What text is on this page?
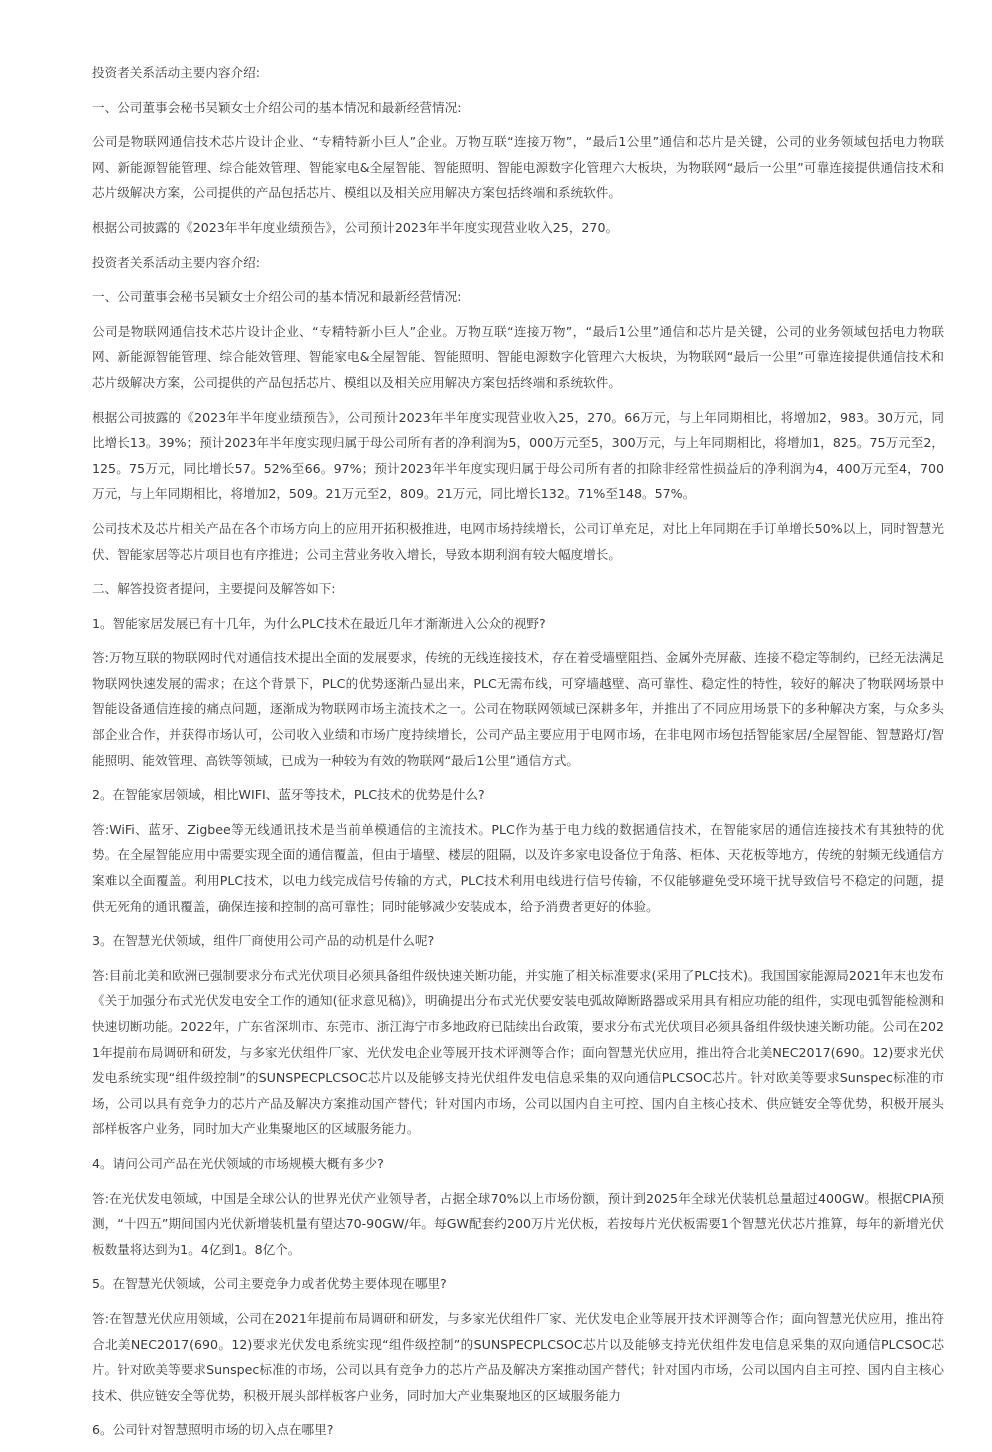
投资者关系活动主要内容介绍:

一、公司董事会秘书吴颖女士介绍公司的基本情况和最新经营情况:

公司是物联网通信技术芯片设计企业、“专精特新小巨人”企业。万物互联“连接万物”，“最后1公里”通信和芯片是关键，公司的业务领域包括电力物联网、新能源智能管理、综合能效管理、智能家电&全屋智能、智能照明、智能电源数字化管理六大板块，为物联网“最后一公里”可靠连接提供通信技术和芯片级解决方案，公司提供的产品包括芯片、模组以及相关应用解决方案包括终端和系统软件。

根据公司披露的《2023年半年度业绩预告》，公司预计2023年半年度实现营业收入25，270。

投资者关系活动主要内容介绍:

一、公司董事会秘书吴颖女士介绍公司的基本情况和最新经营情况:

公司是物联网通信技术芯片设计企业、“专精特新小巨人”企业。万物互联“连接万物”，“最后1公里”通信和芯片是关键，公司的业务领域包括电力物联网、新能源智能管理、综合能效管理、智能家电&全屋智能、智能照明、智能电源数字化管理六大板块，为物联网“最后一公里”可靠连接提供通信技术和芯片级解决方案，公司提供的产品包括芯片、模组以及相关应用解决方案包括终端和系统软件。

根据公司披露的《2023年半年度业绩预告》，公司预计2023年半年度实现营业收入25，270。66万元，与上年同期相比，将增加2，983。30万元，同比增长13。39%；预计2023年半年度实现归属于母公司所有者的净利润为5，000万元至5，300万元，与上年同期相比，将增加1，825。75万元至2，125。75万元，同比增长57。52%至66。97%；预计2023年半年度实现归属于母公司所有者的扣除非经常性损益后的净利润为4，400万元至4，700万元，与上年同期相比，将增加2，509。21万元至2，809。21万元，同比增长132。71%至148。57%。

公司技术及芯片相关产品在各个市场方向上的应用开拓积极推进，电网市场持续增长，公司订单充足，对比上年同期在手订单增长50%以上，同时智慧光伏、智能家居等芯片项目也有序推进；公司主营业务收入增长，导致本期利润有较大幅度增长。

二、解答投资者提问，主要提问及解答如下:

1。智能家居发展已有十几年，为什么PLC技术在最近几年才渐渐进入公众的视野?

答:万物互联的物联网时代对通信技术提出全面的发展要求，传统的无线连接技术，存在着受墙壁阻挡、金属外壳屏蔽、连接不稳定等制约，已经无法满足物联网快速发展的需求；在这个背景下，PLC的优势逐渐凸显出来，PLC无需布线，可穿墙越壁、高可靠性、稳定性的特性，较好的解决了物联网场景中智能设备通信连接的痛点问题，逐渐成为物联网市场主流技术之一。公司在物联网领域已深耕多年，并推出了不同应用场景下的多种解决方案，与众多头部企业合作，并获得市场认可，公司收入业绩和市场广度持续增长，公司产品主要应用于电网市场，在非电网市场包括智能家居/全屋智能、智慧路灯/智能照明、能效管理、高铁等领域，已成为一种较为有效的物联网“最后1公里”通信方式。

2。在智能家居领域，相比WIFI、蓝牙等技术，PLC技术的优势是什么?

答:WiFi、蓝牙、Zigbee等无线通讯技术是当前单模通信的主流技术。PLC作为基于电力线的数据通信技术，在智能家居的通信连接技术有其独特的优势。在全屋智能应用中需要实现全面的通信覆盖，但由于墙壁、楼层的阻隔，以及许多家电设备位于角落、柜体、天花板等地方，传统的射频无线通信方案难以全面覆盖。利用PLC技术，以电力线完成信号传输的方式，PLC技术利用电线进行信号传输，不仅能够避免受环境干扰导致信号不稳定的问题，提供无死角的通讯覆盖，确保连接和控制的高可靠性；同时能够减少安装成本，给予消费者更好的体验。

3。在智慧光伏领域，组件厂商使用公司产品的动机是什么呢?

答:目前北美和欧洲已强制要求分布式光伏项目必须具备组件级快速关断功能，并实施了相关标准要求(采用了PLC技术)。我国国家能源局2021年末也发布《关于加强分布式光伏发电安全工作的通知(征求意见稿)》，明确提出分布式光伏要安装电弧故障断路器或采用具有相应功能的组件，实现电弧智能检测和快速切断功能。2022年，广东省深圳市、东莞市、浙江海宁市多地政府已陆续出台政策，要求分布式光伏项目必须具备组件级快速关断功能。公司在2021年提前布局调研和研发，与多家光伏组件厂家、光伏发电企业等展开技术评测等合作；面向智慧光伏应用，推出符合北美NEC2017(690。12)要求光伏发电系统实现“组件级控制”的SUNSPECPLCSOC芯片以及能够支持光伏组件发电信息采集的双向通信PLCSOC芯片。针对欧美等要求Sunspec标准的市场，公司以具有竞争力的芯片产品及解决方案推动国产替代；针对国内市场，公司以国内自主可控、国内自主核心技术、供应链安全等优势，积极开展头部样板客户业务，同时加大产业集聚地区的区域服务能力。

4。请问公司产品在光伏领域的市场规模大概有多少?

答:在光伏发电领域，中国是全球公认的世界光伏产业领导者，占据全球70%以上市场份额，预计到2025年全球光伏装机总量超过400GW。根据CPIA预测，“十四五”期间国内光伏新增装机量有望达70-90GW/年。每GW配套约200万片光伏板，若按每片光伏板需要1个智慧光伏芯片推算，每年的新增光伏板数量将达到为1。4亿到1。8亿个。

5。在智慧光伏领域，公司主要竞争力或者优势主要体现在哪里?

答:在智慧光伏应用领域，公司在2021年提前布局调研和研发，与多家光伏组件厂家、光伏发电企业等展开技术评测等合作；面向智慧光伏应用，推出符合北美NEC2017(690。12)要求光伏发电系统实现“组件级控制”的SUNSPECPLCSOC芯片以及能够支持光伏组件发电信息采集的双向通信PLCSOC芯片。针对欧美等要求Sunspec标准的市场，公司以具有竞争力的芯片产品及解决方案推动国产替代；针对国内市场，公司以国内自主可控、国内自主核心技术、供应链安全等优势，积极开展头部样板客户业务，同时加大产业集聚地区的区域服务能力

6。公司针对智慧照明市场的切入点在哪里?
